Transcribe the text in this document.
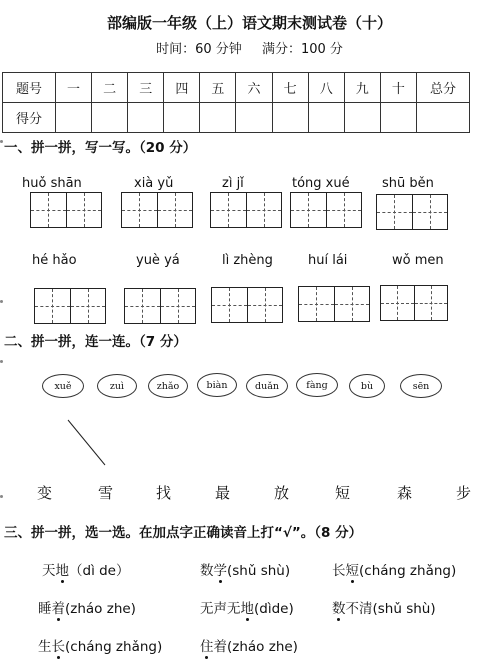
部编版一年级（上）语文期末测试卷（十）
时间：60 分钟 满分：100 分
题号	一	二	三	四	五	六	七	八	九	十	总分
得分											
一、拼一拼，写一写。（20 分）
huǒ shān	xià yǔ	zì jǐ	tóng xué shū běn
hé hǎo	yuè yá	lì zhèng	huí lái	wǒ men
二、拼一拼，连一连。（7 分）
xuě	zuì	zhǎo	biàn	duǎn	fàng	bù	sēn
变	雪	找	最	放	短	森	步
三、拼一拼，选一选。在加点字正确读音上打“√”。（8 分）
天地（dì de）	数学(shǔ shù)	长短(cháng zhǎng)
睡着(zháo zhe)	无声无地(dìde)	数不清(shǔ shù)
生长(cháng zhǎng)	住着(zháo zhe)
